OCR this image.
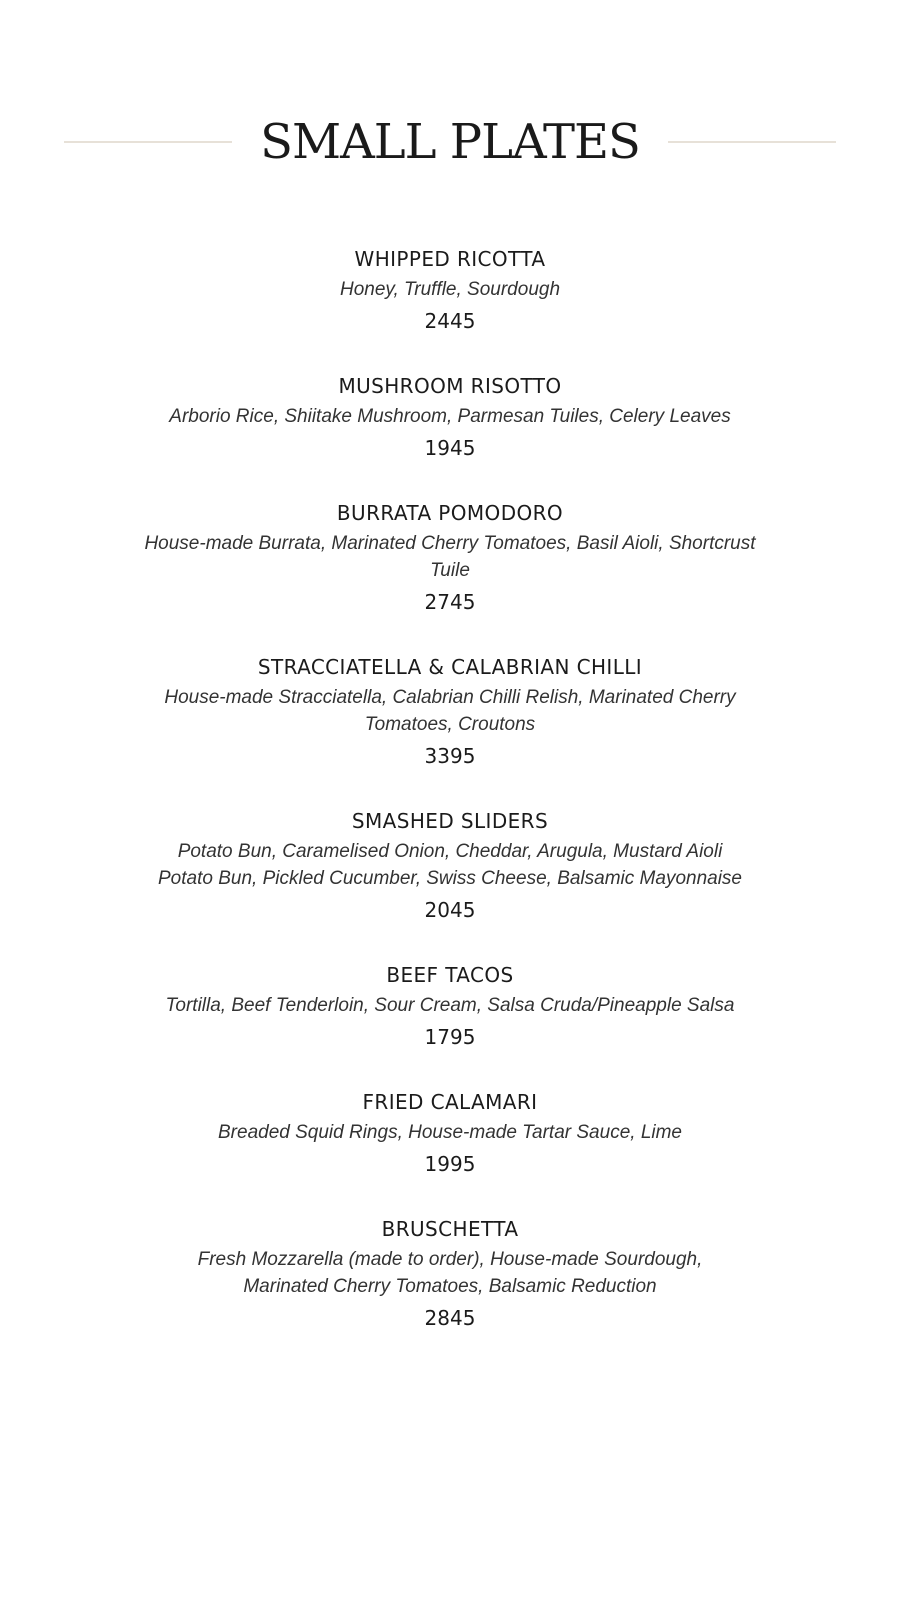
SMALL PLATES
WHIPPED RICOTTA
Honey, Truffle, Sourdough
2445
MUSHROOM RISOTTO
Arborio Rice, Shiitake Mushroom, Parmesan Tuiles, Celery Leaves
1945
BURRATA POMODORO
House-made Burrata, Marinated Cherry Tomatoes, Basil Aioli, Shortcrust
Tuile
2745
STRACCIATELLA & CALABRIAN CHILLI
House-made Stracciatella, Calabrian Chilli Relish, Marinated Cherry
Tomatoes, Croutons
3395
SMASHED SLIDERS
Potato Bun, Caramelised Onion, Cheddar, Arugula, Mustard Aioli
Potato Bun, Pickled Cucumber, Swiss Cheese, Balsamic Mayonnaise
2045
BEEF TACOS
Tortilla, Beef Tenderloin, Sour Cream, Salsa Cruda/Pineapple Salsa
1795
FRIED CALAMARI
Breaded Squid Rings, House-made Tartar Sauce, Lime
1995
BRUSCHETTA
Fresh Mozzarella (made to order), House-made Sourdough,
Marinated Cherry Tomatoes, Balsamic Reduction
2845
